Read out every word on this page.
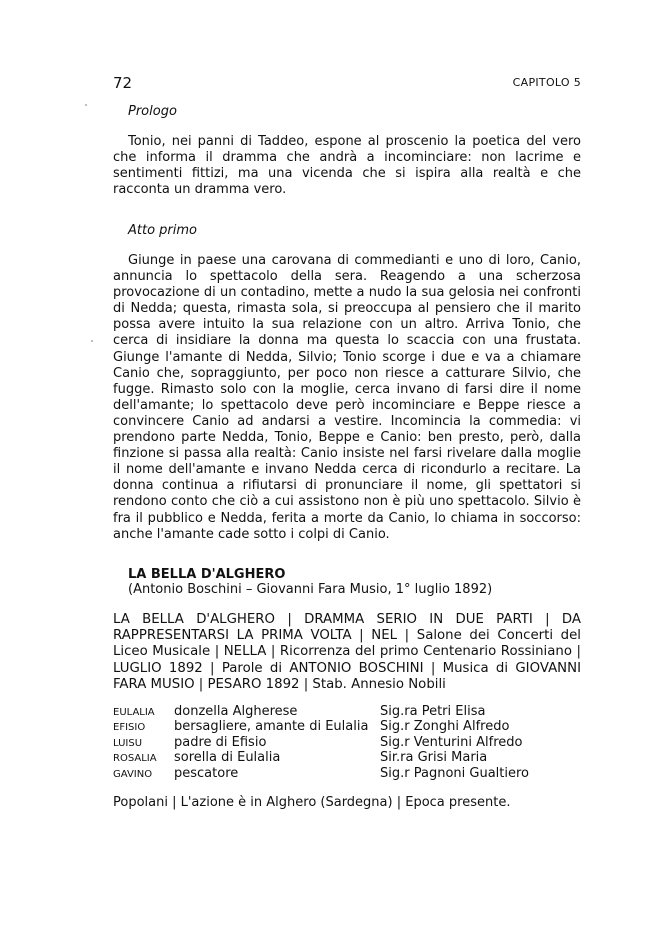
72	CAPITOLO 5
Prologo

Tonio, nei panni di Taddeo, espone al proscenio la poetica del vero che informa il dramma che andrà a incominciare: non lacrime e sentimenti fittizi, ma una vicenda che si ispira alla realtà e che racconta un dramma vero.

Atto primo

Giunge in paese una carovana di commedianti e uno di loro, Canio, annuncia lo spettacolo della sera. Reagendo a una scherzosa provocazione di un contadino, mette a nudo la sua gelosia nei confronti di Nedda; questa, rimasta sola, si preoccupa al pensiero che il marito possa avere intuito la sua relazione con un altro. Arriva Tonio, che cerca di insidiare la donna ma questa lo scaccia con una frustata. Giunge l'amante di Nedda, Silvio; Tonio scorge i due e va a chiamare Canio che, sopraggiunto, per poco non riesce a catturare Silvio, che fugge. Rimasto solo con la moglie, cerca invano di farsi dire il nome dell'amante; lo spettacolo deve però incominciare e Beppe riesce a convincere Canio ad andarsi a vestire. Incomincia la commedia: vi prendono parte Nedda, Tonio, Beppe e Canio: ben presto, però, dalla finzione si passa alla realtà: Canio insiste nel farsi rivelare dalla moglie il nome dell'amante e invano Nedda cerca di ricondurlo a recitare. La donna continua a rifiutarsi di pronunciare il nome, gli spettatori si rendono conto che ciò a cui assistono non è più uno spettacolo. Silvio è fra il pubblico e Nedda, ferita a morte da Canio, lo chiama in soccorso: anche l'amante cade sotto i colpi di Canio.

LA BELLA D'ALGHERO
(Antonio Boschini – Giovanni Fara Musio, 1° luglio 1892)

LA BELLA D'ALGHERO | DRAMMA SERIO IN DUE PARTI | DA RAPPRESENTARSI LA PRIMA VOLTA | NEL | Salone dei Concerti del Liceo Musicale | NELLA | Ricorrenza del primo Centenario Rossiniano | LUGLIO 1892 | Parole di ANTONIO BOSCHINI | Musica di GIOVANNI FARA MUSIO | PESARO 1892 | Stab. Annesio Nobili

EULALIA	donzella Algherese	Sig.ra Petri Elisa
EFISIO	bersagliere, amante di Eulalia	Sig.r Zonghi Alfredo
LUISU	padre di Efisio	Sig.r Venturini Alfredo
ROSALIA	sorella di Eulalia	Sir.ra Grisi Maria
GAVINO	pescatore	Sig.r Pagnoni Gualtiero
Popolani | L'azione è in Alghero (Sardegna) | Epoca presente.
